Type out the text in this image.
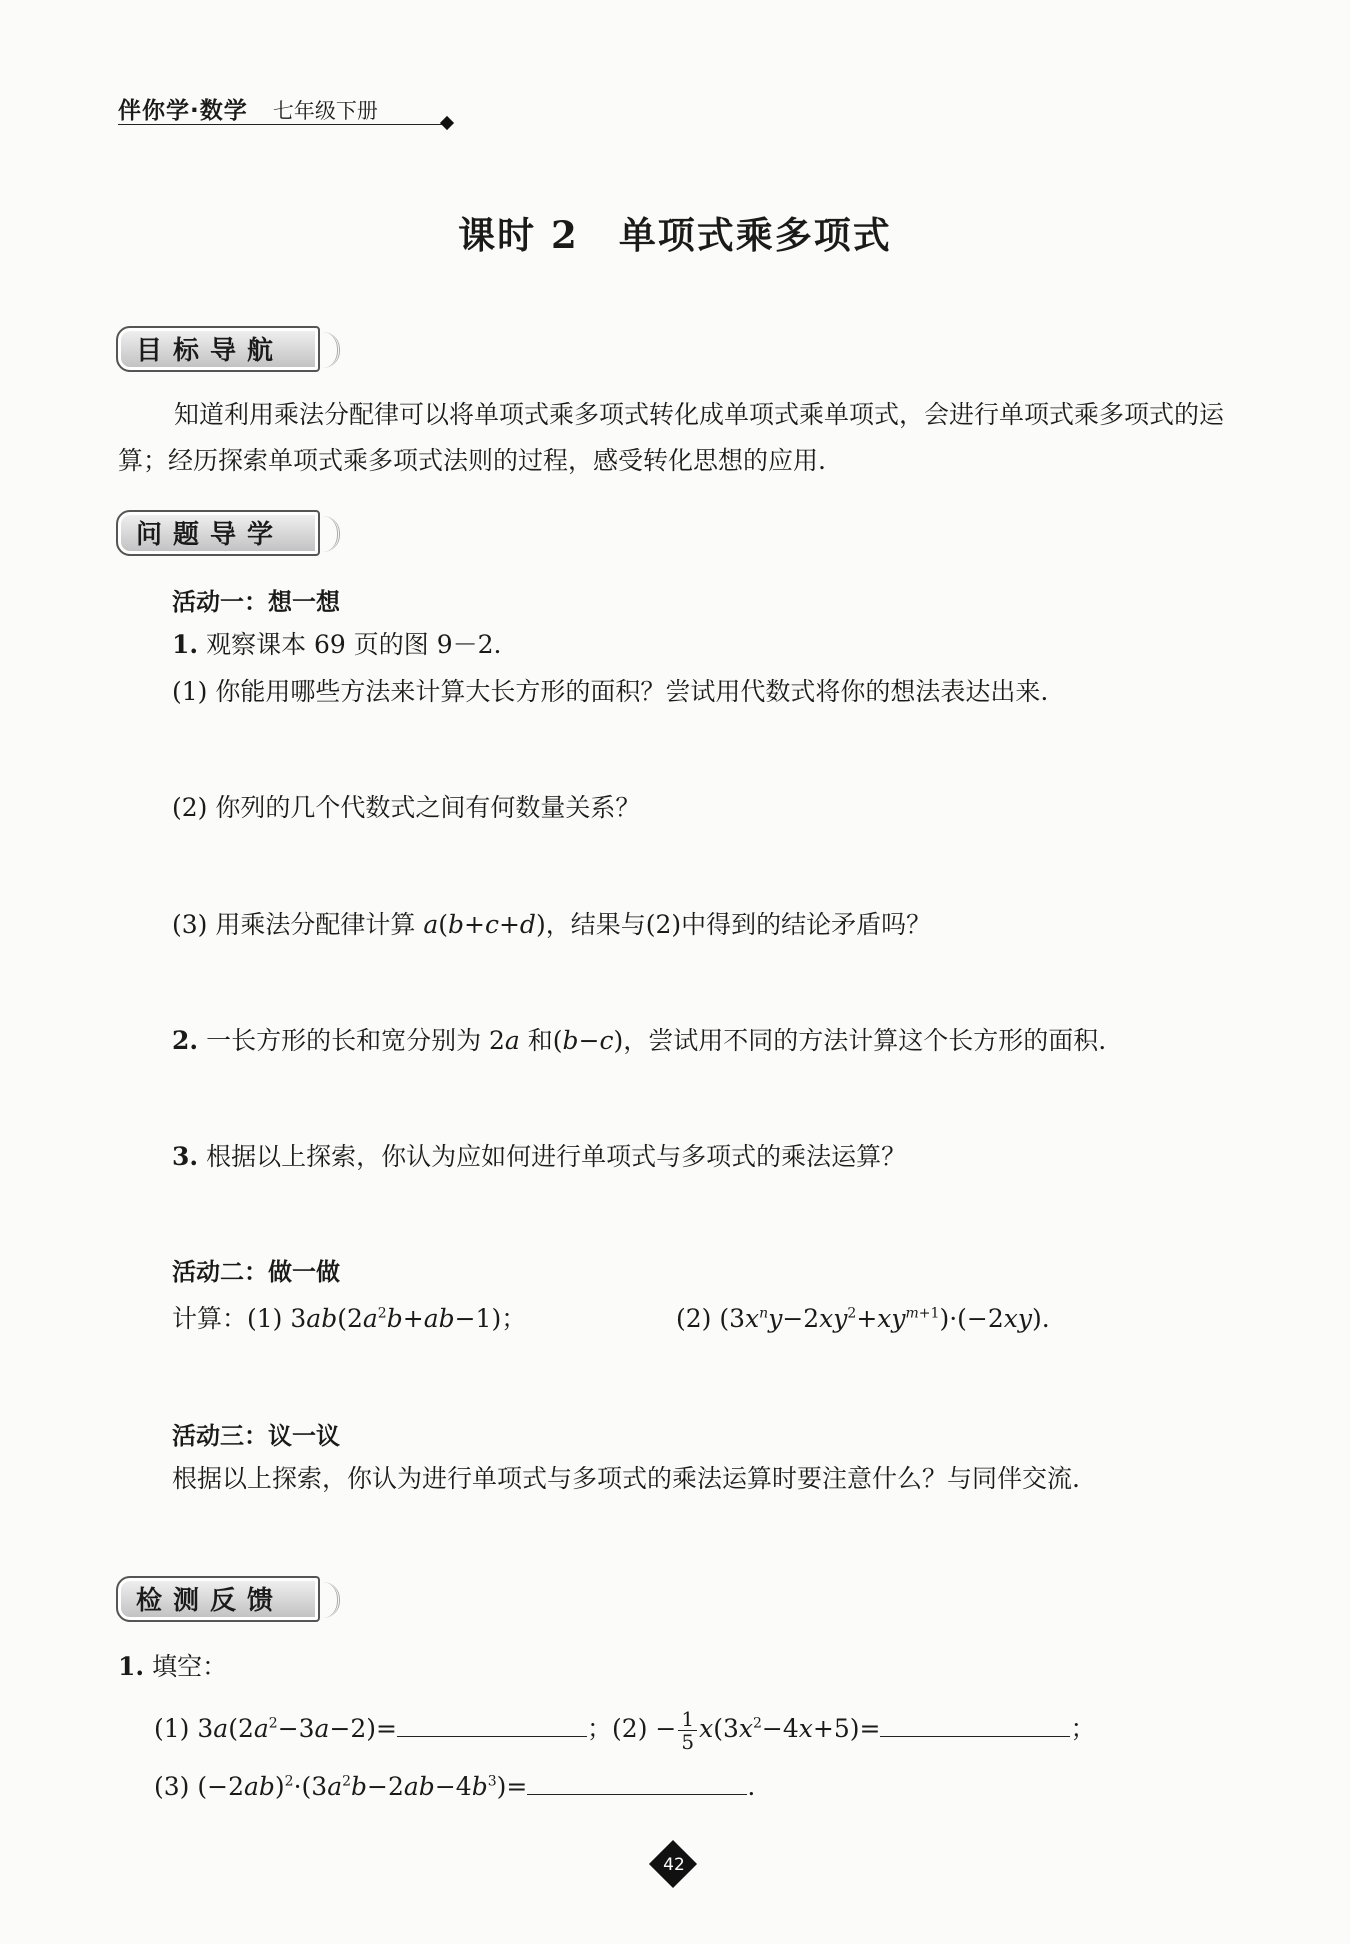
伴你学·数学 七年级下册
课时 2 单项式乘多项式
目标导航
知道利用乘法分配律可以将单项式乘多项式转化成单项式乘单项式，会进行单项式乘多项式的运算；经历探索单项式乘多项式法则的过程，感受转化思想的应用.
问题导学
活动一：想一想
1. 观察课本 69 页的图 9－2.
(1) 你能用哪些方法来计算大长方形的面积？尝试用代数式将你的想法表达出来.
(2) 你列的几个代数式之间有何数量关系？
(3) 用乘法分配律计算 a(b+c+d)，结果与(2)中得到的结论矛盾吗？
2. 一长方形的长和宽分别为 2a 和(b−c)，尝试用不同的方法计算这个长方形的面积.
3. 根据以上探索，你认为应如何进行单项式与多项式的乘法运算？
活动二：做一做
计算：(1) $3ab(2a^2b+ab-1)$；	(2) $(3x^ny-2xy^2+xy^{m+1})\cdot(-2xy)$.
活动三：议一议
根据以上探索，你认为进行单项式与多项式的乘法运算时要注意什么？与同伴交流.
检测反馈
1. 填空：
(1) $3a(2a^2-3a-2)=$	；$(2) - \frac{1}{5} x(3x^2-4x+5)=$	；
(3) $(-2ab)^2\cdot(3a^2b-2ab-4b^3)=$	.
42
